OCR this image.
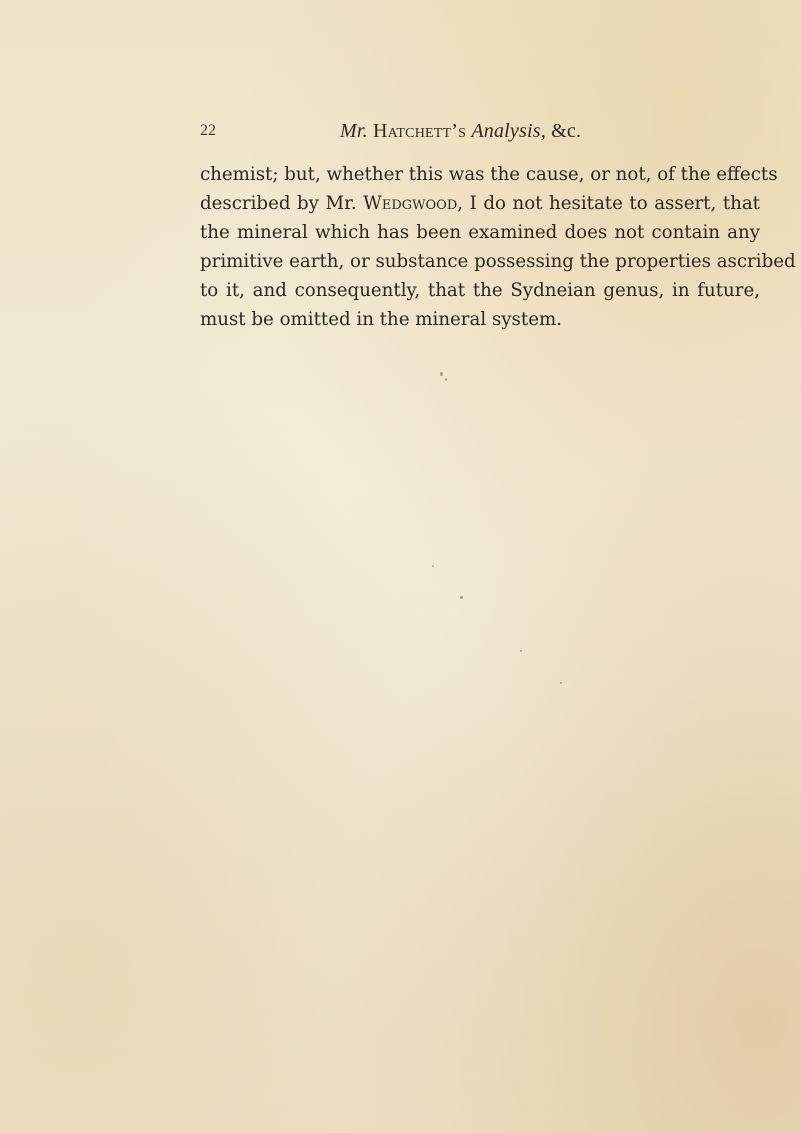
22	Mr. Hatchett’s Analysis, &c.
chemist; but, whether this was the cause, or not, of the effects
described by Mr. Wedgwood, I do not hesitate to assert, that
the mineral which has been examined does not contain any
primitive earth, or substance possessing the properties ascribed
to it, and consequently, that the Sydneian genus, in future,
must be omitted in the mineral system.
